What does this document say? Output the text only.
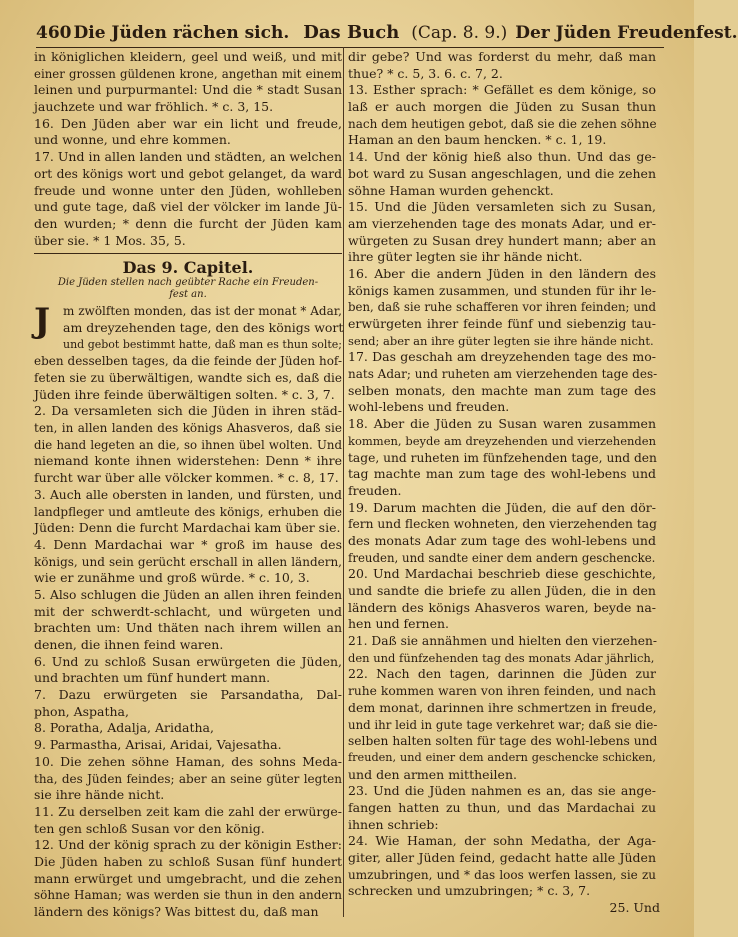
460 Die Jüden rächen sich. Das Buch (Cap. 8. 9.) Der Jüden Freudenfest.
in königlichen kleidern, geel und weiß, und mit
einer grossen güldenen krone, angethan mit einem
leinen und purpurmantel: Und die * stadt Susan
jauchzete und war fröhlich. * c. 3, 15.
16. Den Jüden aber war ein licht und freude,
und wonne, und ehre kommen.
17. Und in allen landen und städten, an welchen
ort des königs wort und gebot gelanget, da ward
freude und wonne unter den Jüden, wohlleben
und gute tage, daß viel der völcker im lande Jü-
den wurden; * denn die furcht der Jüden kam
über sie. * 1 Mos. 35, 5.
Das 9. Capitel.
Die Jüden stellen nach geübter Rache ein Freuden-
fest an.
J	m zwölften monden, das ist der monat * Adar,
am dreyzehenden tage, den des königs wort
und gebot bestimmt hatte, daß man es thun solte;
eben desselben tages, da die feinde der Jüden hof-
feten sie zu überwältigen, wandte sich es, daß die
Jüden ihre feinde überwältigen solten. * c. 3, 7.
2. Da versamleten sich die Jüden in ihren städ-
ten, in allen landen des königs Ahasveros, daß sie
die hand legeten an die, so ihnen übel wolten. Und
niemand konte ihnen widerstehen: Denn * ihre
furcht war über alle völcker kommen. * c. 8, 17.
3. Auch alle obersten in landen, und fürsten, und
landpfleger und amtleute des königs, erhuben die
Jüden: Denn die furcht Mardachai kam über sie.
4. Denn Mardachai war * groß im hause des
königs, und sein gerücht erschall in allen ländern,
wie er zunähme und groß würde. * c. 10, 3.
5. Also schlugen die Jüden an allen ihren feinden
mit der schwerdt-schlacht, und würgeten und
brachten um: Und thäten nach ihrem willen an
denen, die ihnen feind waren.
6. Und zu schloß Susan erwürgeten die Jüden,
und brachten um fünf hundert mann.
7. Dazu erwürgeten sie Parsandatha, Dal-
phon, Aspatha,
8. Poratha, Adalja, Aridatha,
9. Parmastha, Arisai, Aridai, Vajesatha.
10. Die zehen söhne Haman, des sohns Meda-
tha, des Jüden feindes; aber an seine güter legten
sie ihre hände nicht.
11. Zu derselben zeit kam die zahl der erwürge-
ten gen schloß Susan vor den könig.
12. Und der könig sprach zu der königin Esther:
Die Jüden haben zu schloß Susan fünf hundert
mann erwürget und umgebracht, und die zehen
söhne Haman; was werden sie thun in den andern
ländern des königs? Was bittest du, daß man
dir gebe? Und was forderst du mehr, daß man
thue? * c. 5, 3. 6. c. 7, 2.
13. Esther sprach: * Gefället es dem könige, so
laß er auch morgen die Jüden zu Susan thun
nach dem heutigen gebot, daß sie die zehen söhne
Haman an den baum hencken. * c. 1, 19.
14. Und der könig hieß also thun. Und das ge-
bot ward zu Susan angeschlagen, und die zehen
söhne Haman wurden gehenckt.
15. Und die Jüden versamleten sich zu Susan,
am vierzehenden tage des monats Adar, und er-
würgeten zu Susan drey hundert mann; aber an
ihre güter legten sie ihr hände nicht.
16. Aber die andern Jüden in den ländern des
königs kamen zusammen, und stunden für ihr le-
ben, daß sie ruhe schafferen vor ihren feinden; und
erwürgeten ihrer feinde fünf und siebenzig tau-
send; aber an ihre güter legten sie ihre hände nicht.
17. Das geschah am dreyzehenden tage des mo-
nats Adar; und ruheten am vierzehenden tage des-
selben monats, den machte man zum tage des
wohl-lebens und freuden.
18. Aber die Jüden zu Susan waren zusammen
kommen, beyde am dreyzehenden und vierzehenden
tage, und ruheten im fünfzehenden tage, und den
tag machte man zum tage des wohl-lebens und
freuden.
19. Darum machten die Jüden, die auf den dör-
fern und flecken wohneten, den vierzehenden tag
des monats Adar zum tage des wohl-lebens und
freuden, und sandte einer dem andern geschencke.
20. Und Mardachai beschrieb diese geschichte,
und sandte die briefe zu allen Jüden, die in den
ländern des königs Ahasveros waren, beyde na-
hen und fernen.
21. Daß sie annähmen und hielten den vierzehen-
den und fünfzehenden tag des monats Adar jährlich,
22. Nach den tagen, darinnen die Jüden zur
ruhe kommen waren von ihren feinden, und nach
dem monat, darinnen ihre schmertzen in freude,
und ihr leid in gute tage verkehret war; daß sie die-
selben halten solten für tage des wohl-lebens und
freuden, und einer dem andern geschencke schicken,
und den armen mittheilen.
23. Und die Jüden nahmen es an, das sie ange-
fangen hatten zu thun, und das Mardachai zu
ihnen schrieb:
24. Wie Haman, der sohn Medatha, der Aga-
giter, aller Jüden feind, gedacht hatte alle Jüden
umzubringen, und * das loos werfen lassen, sie zu
schrecken und umzubringen; * c. 3, 7.
25. Und
